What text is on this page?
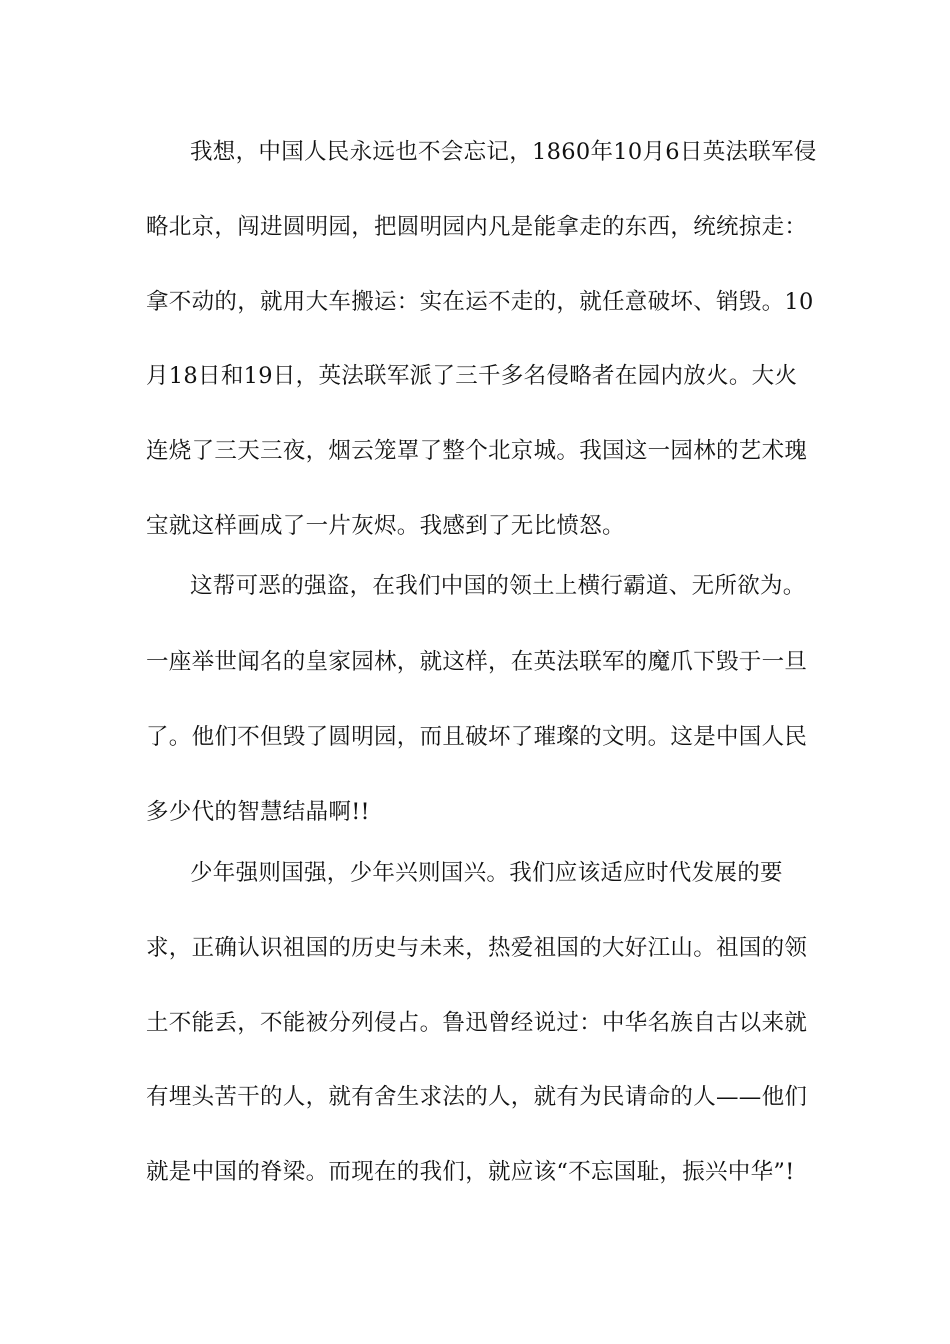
我想，中国人民永远也不会忘记，1860年10月6日英法联军侵
略北京，闯进圆明园，把圆明园内凡是能拿走的东西，统统掠走：
拿不动的，就用大车搬运：实在运不走的，就任意破坏、销毁。10
月18日和19日，英法联军派了三千多名侵略者在园内放火。大火
连烧了三天三夜，烟云笼罩了整个北京城。我国这一园林的艺术瑰
宝就这样画成了一片灰烬。我感到了无比愤怒。
这帮可恶的强盗，在我们中国的领土上横行霸道、无所欲为。
一座举世闻名的皇家园林，就这样，在英法联军的魔爪下毁于一旦
了。他们不但毁了圆明园，而且破坏了璀璨的文明。这是中国人民
多少代的智慧结晶啊!!
少年强则国强，少年兴则国兴。我们应该适应时代发展的要
求，正确认识祖国的历史与未来，热爱祖国的大好江山。祖国的领
土不能丢，不能被分列侵占。鲁迅曾经说过：中华名族自古以来就
有埋头苦干的人，就有舍生求法的人，就有为民请命的人——他们
就是中国的脊梁。而现在的我们，就应该“不忘国耻，振兴中华”!
